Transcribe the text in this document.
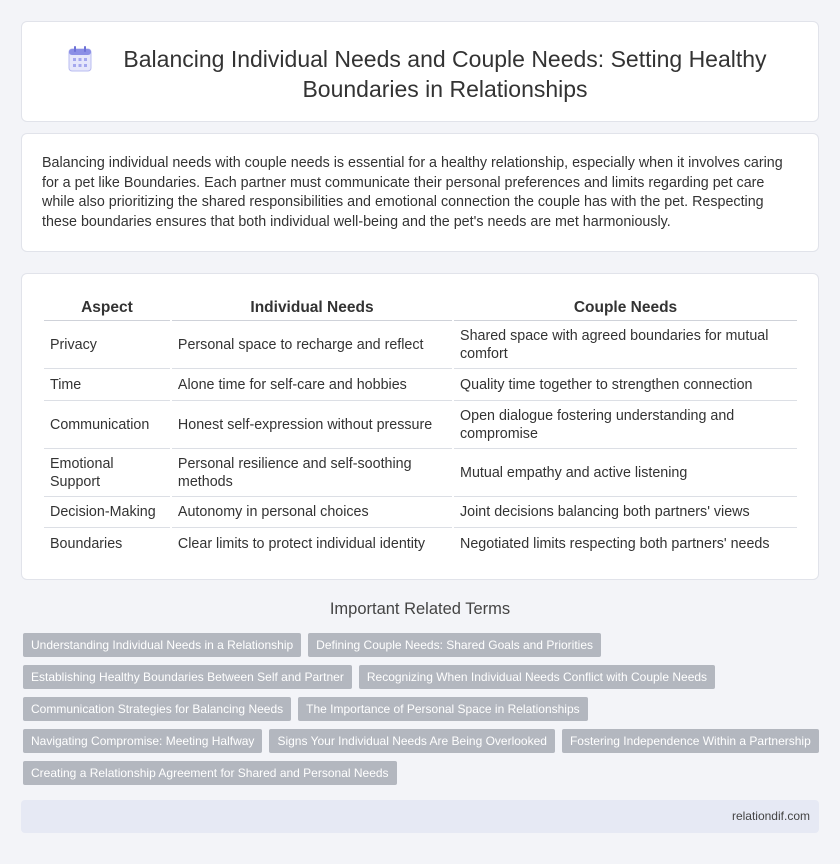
Balancing Individual Needs and Couple Needs: Setting Healthy Boundaries in Relationships

Balancing individual needs with couple needs is essential for a healthy relationship, especially when it involves caring for a pet like Boundaries. Each partner must communicate their personal preferences and limits regarding pet care while also prioritizing the shared responsibilities and emotional connection the couple has with the pet. Respecting these boundaries ensures that both individual well-being and the pet's needs are met harmoniously.

Aspect	Individual Needs	Couple Needs
Privacy	Personal space to recharge and reflect	Shared space with agreed boundaries for mutual comfort
Time	Alone time for self-care and hobbies	Quality time together to strengthen connection
Communication	Honest self-expression without pressure	Open dialogue fostering understanding and compromise
Emotional Support	Personal resilience and self-soothing methods	Mutual empathy and active listening
Decision-Making	Autonomy in personal choices	Joint decisions balancing both partners' views
Boundaries	Clear limits to protect individual identity	Negotiated limits respecting both partners' needs
Important Related Terms
Understanding Individual Needs in a Relationship	Defining Couple Needs: Shared Goals and Priorities
Establishing Healthy Boundaries Between Self and Partner	Recognizing When Individual Needs Conflict with Couple Needs
Communication Strategies for Balancing Needs	The Importance of Personal Space in Relationships
Navigating Compromise: Meeting Halfway	Signs Your Individual Needs Are Being Overlooked	Fostering Independence Within a Partnership
Creating a Relationship Agreement for Shared and Personal Needs
relationdif.com
